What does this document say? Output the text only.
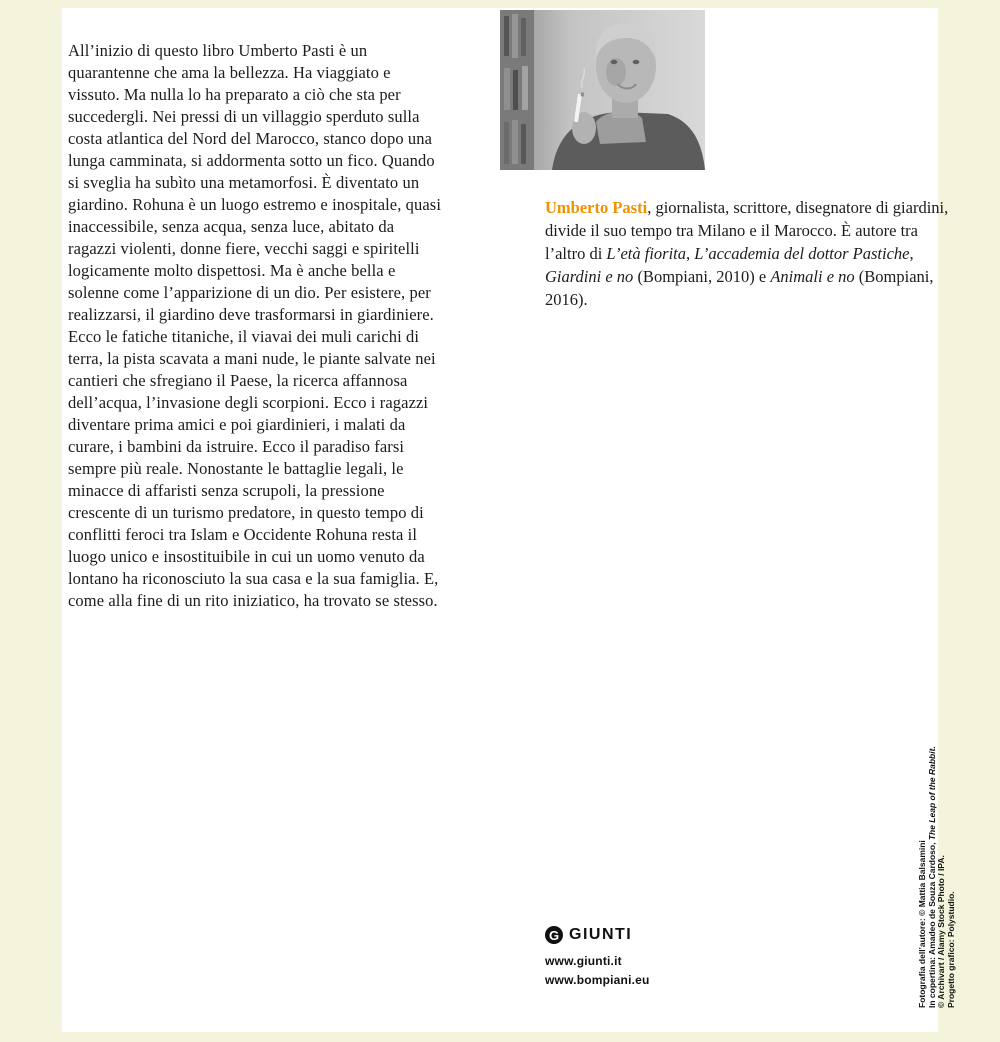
All’inizio di questo libro Umberto Pasti è un quarantenne che ama la bellezza. Ha viaggiato e vissuto. Ma nulla lo ha preparato a ciò che sta per succedergli. Nei pressi di un villaggio sperduto sulla costa atlantica del Nord del Marocco, stanco dopo una lunga camminata, si addormenta sotto un fico. Quando si sveglia ha subìto una metamorfosi. È diventato un giardino. Rohuna è un luogo estremo e inospitale, quasi inaccessibile, senza acqua, senza luce, abitato da ragazzi violenti, donne fiere, vecchi saggi e spiritelli logicamente molto dispettosi. Ma è anche bella e solenne come l’apparizione di un dio. Per esistere, per realizzarsi, il giardino deve trasformarsi in giardiniere. Ecco le fatiche titaniche, il viavai dei muli carichi di terra, la pista scavata a mani nude, le piante salvate nei cantieri che sfregiano il Paese, la ricerca affannosa dell’acqua, l’invasione degli scorpioni. Ecco i ragazzi diventare prima amici e poi giardinieri, i malati da curare, i bambini da istruire. Ecco il paradiso farsi sempre più reale. Nonostante le battaglie legali, le minacce di affaristi senza scrupoli, la pressione crescente di un turismo predatore, in questo tempo di conflitti feroci tra Islam e Occidente Rohuna resta il luogo unico e insostituibile in cui un uomo venuto da lontano ha riconosciuto la sua casa e la sua famiglia. E, come alla fine di un rito iniziatico, ha trovato se stesso.

Umberto Pasti, giornalista, scrittore, disegnatore di giardini, divide il suo tempo tra Milano e il Marocco. È autore tra l’altro di L’età fiorita, L’accademia del dottor Pastiche, Giardini e no (Bompiani, 2010) e Animali e no (Bompiani, 2016).

G GIUNTI
www.giunti.it
www.bompiani.eu	Fotografia dell’autore: © Mattia Balsamini In copertina: Amadeo de Souza Cardoso, The Leap of the Rabbit.
© Archivart / Alamy Stock Photo / IPA. Progetto grafico: Polystudio.
